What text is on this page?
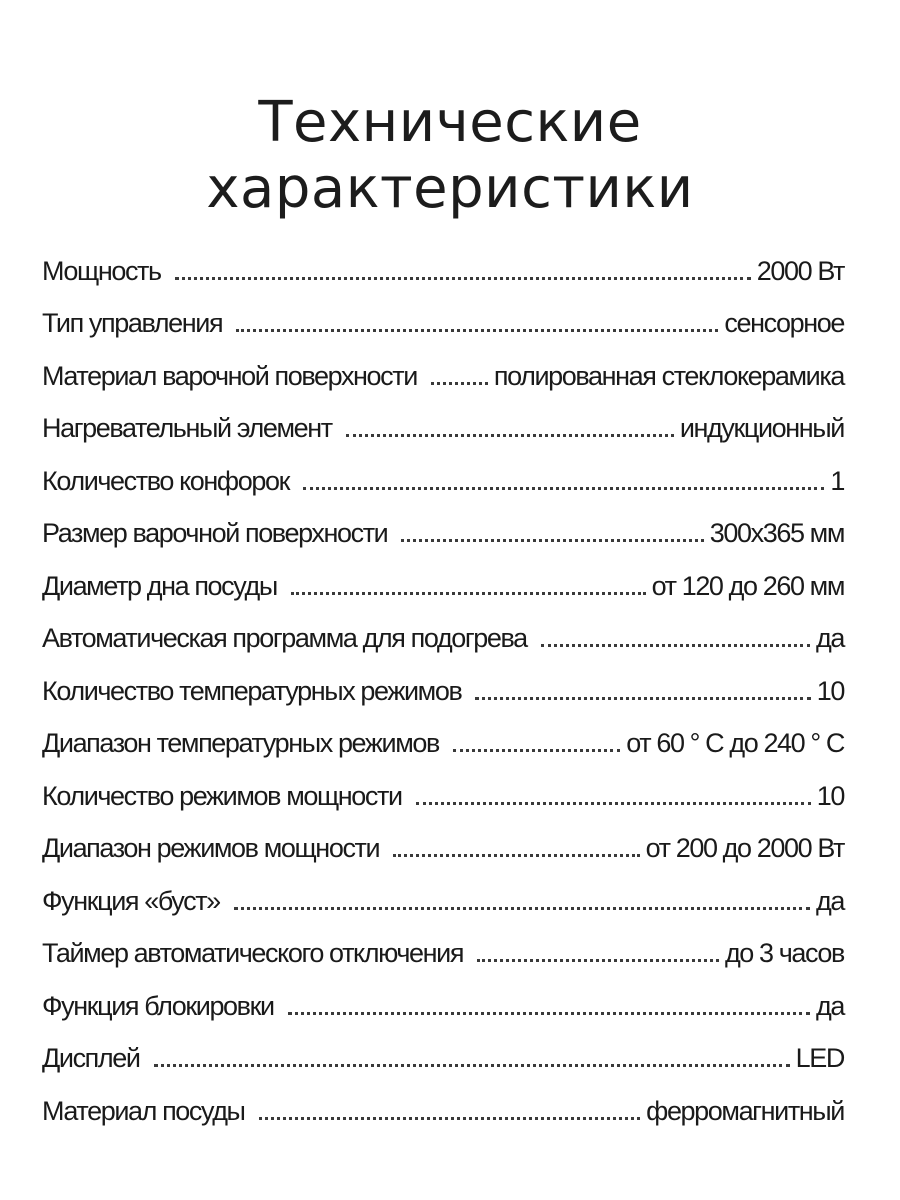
Технические
характеристики
Мощность	2000 Вт
Тип управления	сенсорное
Материал варочной поверхности	полированная стеклокерамика
Нагревательный элемент	индукционный
Количество конфорок	1
Размер варочной поверхности	300x365 мм
Диаметр дна посуды	от 120 до 260 мм
Автоматическая программа для подогрева	да
Количество температурных режимов	10
Диапазон температурных режимов	от 60 ° С до 240 ° С
Количество режимов мощности	10
Диапазон режимов мощности	от 200 до 2000 Вт
Функция «буст»	да
Таймер автоматического отключения	до 3 часов
Функция блокировки	да
Дисплей	LED
Материал посуды	ферромагнитный
